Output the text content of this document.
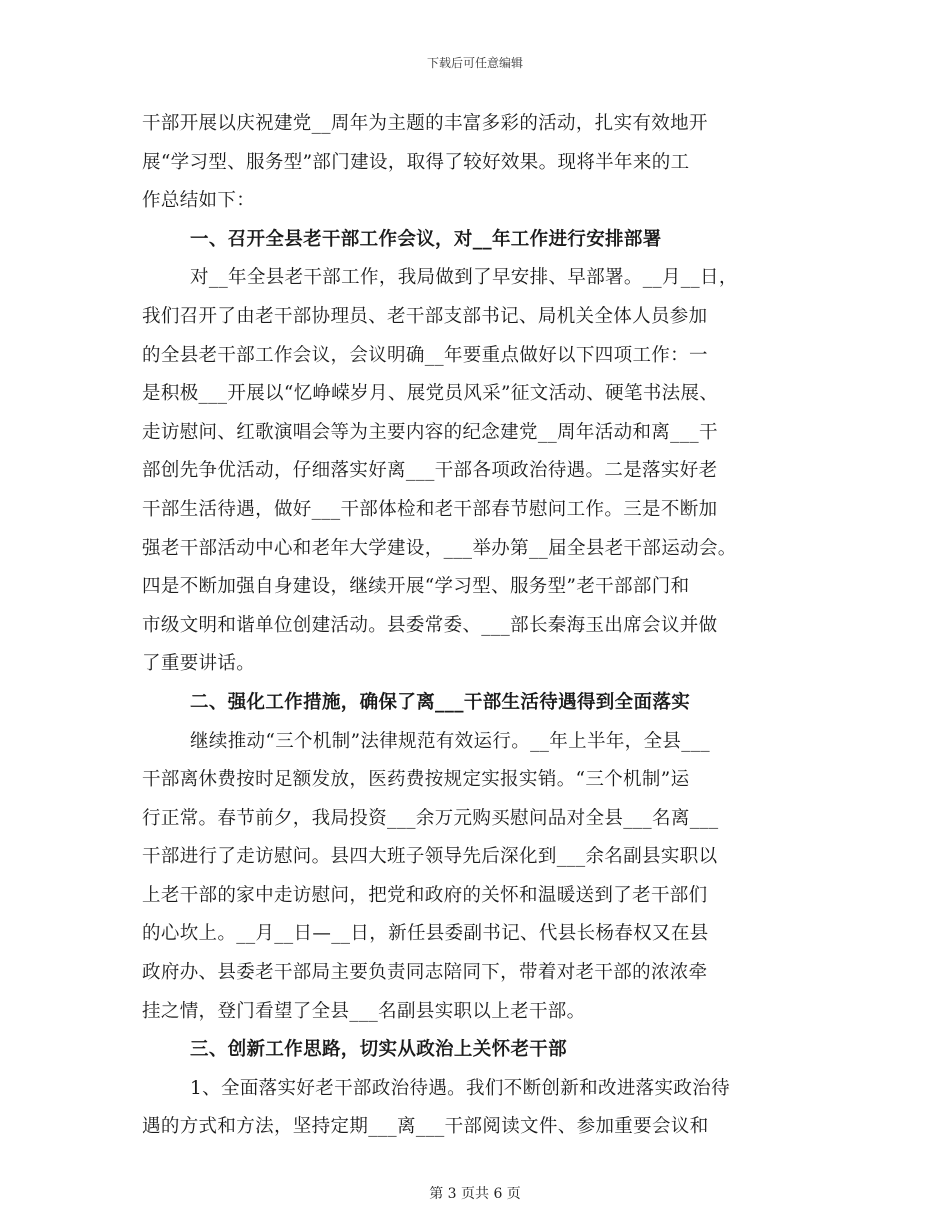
下载后可任意编辑
干部开展以庆祝建党__周年为主题的丰富多彩的活动，扎实有效地开
展“学习型、服务型”部门建设，取得了较好效果。现将半年来的工
作总结如下：
一、召开全县老干部工作会议，对__年工作进行安排部署
对__年全县老干部工作，我局做到了早安排、早部署。__月__日，
我们召开了由老干部协理员、老干部支部书记、局机关全体人员参加
的全县老干部工作会议，会议明确__年要重点做好以下四项工作：一
是积极___开展以“忆峥嵘岁月、展党员风采”征文活动、硬笔书法展、
走访慰问、红歌演唱会等为主要内容的纪念建党__周年活动和离___干
部创先争优活动，仔细落实好离___干部各项政治待遇。二是落实好老
干部生活待遇，做好___干部体检和老干部春节慰问工作。三是不断加
强老干部活动中心和老年大学建设，___举办第__届全县老干部运动会。
四是不断加强自身建设，继续开展“学习型、服务型”老干部部门和
市级文明和谐单位创建活动。县委常委、___部长秦海玉出席会议并做
了重要讲话。
二、强化工作措施，确保了离___干部生活待遇得到全面落实
继续推动“三个机制”法律规范有效运行。__年上半年，全县___
干部离休费按时足额发放，医药费按规定实报实销。“三个机制”运
行正常。春节前夕，我局投资___余万元购买慰问品对全县___名离___
干部进行了走访慰问。县四大班子领导先后深化到___余名副县实职以
上老干部的家中走访慰问，把党和政府的关怀和温暖送到了老干部们
的心坎上。__月__日—__日，新任县委副书记、代县长杨春权又在县
政府办、县委老干部局主要负责同志陪同下，带着对老干部的浓浓牵
挂之情，登门看望了全县___名副县实职以上老干部。
三、创新工作思路，切实从政治上关怀老干部
1、全面落实好老干部政治待遇。我们不断创新和改进落实政治待
遇的方式和方法，坚持定期___离___干部阅读文件、参加重要会议和
第 3 页共 6 页
